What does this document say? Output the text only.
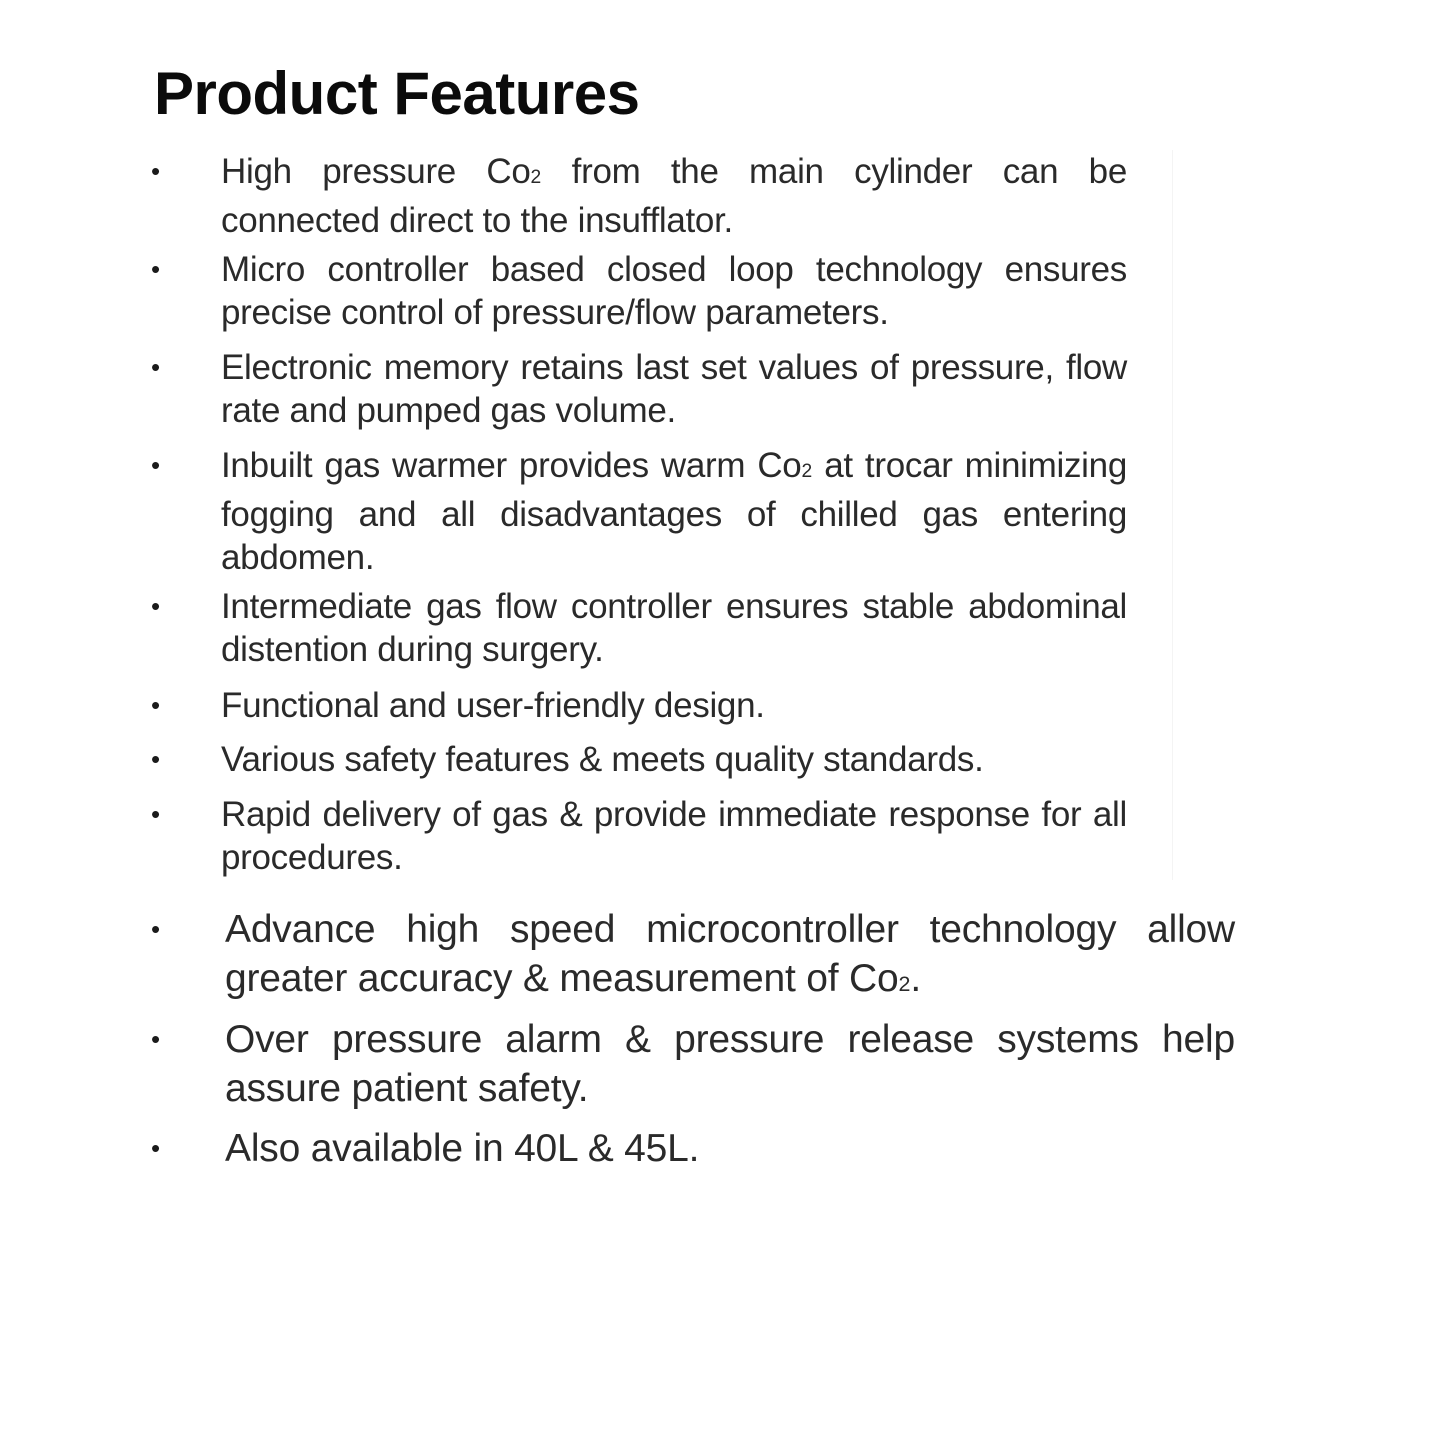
Product Features
• High pressure Co2 from the main cylinder can be connected direct to the insufflator.
• Micro controller based closed loop technology ensures precise control of pressure/flow parameters.
• Electronic memory retains last set values of pressure, flow rate and pumped gas volume.
• Inbuilt gas warmer provides warm Co2 at trocar minimizing fogging and all disadvantages of chilled gas entering abdomen.
• Intermediate gas flow controller ensures stable abdominal distention during surgery.
• Functional and user-friendly design.
• Various safety features & meets quality standards.
• Rapid delivery of gas & provide immediate response for all procedures.
• Advance high speed microcontroller technology allow greater accuracy & measurement of Co2.
• Over pressure alarm & pressure release systems help assure patient safety.
• Also available in 40L & 45L.
